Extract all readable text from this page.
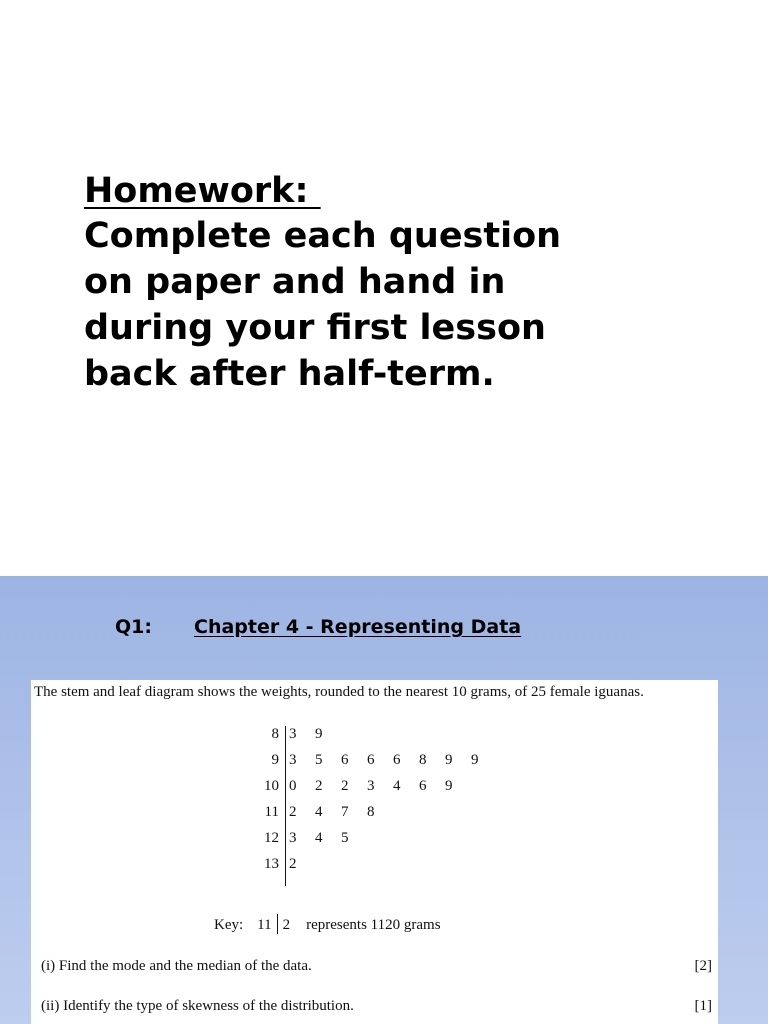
Homework:
Complete each question
on paper and hand in
during your first lesson
back after half-term.
Q1: Chapter 4 - Representing Data
The stem and leaf diagram shows the weights, rounded to the nearest 10 grams, of 25 female iguanas.
8 3 9
9 3 5 6 6 6 8 9 9
10 0 2 2 3 4 6 9
11 2 4 7 8
12 3 4 5
13 2
Key: 11 2 represents 1120 grams
(i) Find the mode and the median of the data.	[2]
(ii) Identify the type of skewness of the distribution.	[1]
